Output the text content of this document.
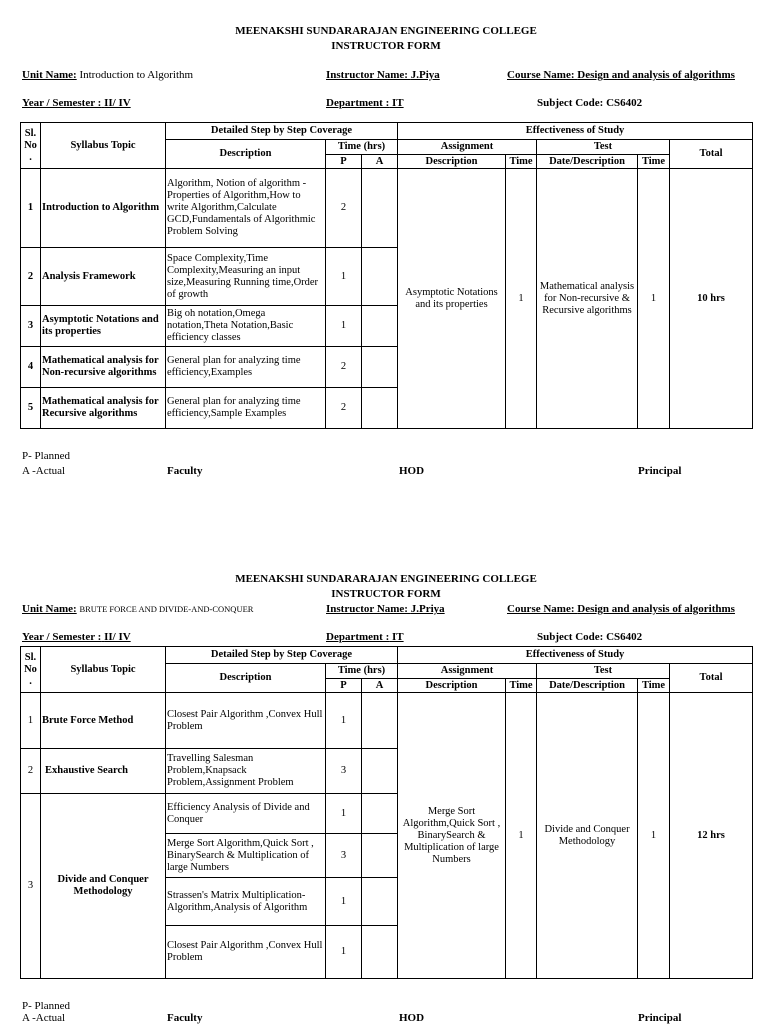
MEENAKSHI SUNDARARAJAN ENGINEERING COLLEGE
INSTRUCTOR FORM
Unit Name: Introduction to Algorithm	Instructor Name: J.Piya	Course Name: Design and analysis of algorithms
Year / Semester : II/ IV	Department : IT	Subject Code: CS6402
Sl. No .	Syllabus Topic	Detailed Step by Step Coverage			Effectiveness of Study				
		Description	Time (hrs)		Assignment		Test		Total
			P	A	Description	Time	Date/Description	Time	
1	Introduction to Algorithm	Algorithm, Notion of algorithm - Properties of Algorithm,How to write Algorithm,Calculate GCD,Fundamentals of Algorithmic Problem Solving	2		Asymptotic Notations and its properties	1	Mathematical analysis for Non-recursive & Recursive algorithms	1	10 hrs
2	Analysis Framework	Space Complexity,Time Complexity,Measuring an input size,Measuring Running time,Order of growth	1						
3	Asymptotic Notations and its properties	Big oh notation,Omega notation,Theta Notation,Basic efficiency classes	1						
4	Mathematical analysis for Non-recursive algorithms	General plan for analyzing time efficiency,Examples	2						
5	Mathematical analysis for Recursive algorithms	General plan for analyzing time efficiency,Sample Examples	2						
P- Planned
A -Actual	Faculty	HOD	Principal
MEENAKSHI SUNDARARAJAN ENGINEERING COLLEGE
INSTRUCTOR FORM
Unit Name: BRUTE FORCE AND DIVIDE-AND-CONQUER	Instructor Name: J.Priya	Course Name: Design and analysis of algorithms
Year / Semester : II/ IV	Department : IT	Subject Code: CS6402
Sl. No .	Syllabus Topic	Detailed Step by Step Coverage			Effectiveness of Study				
		Description	Time (hrs)		Assignment		Test		Total
			P	A	Description	Time	Date/Description	Time	
1	Brute Force Method	Closest Pair Algorithm ,Convex Hull Problem	1		Merge Sort Algorithm,Quick Sort , BinarySearch & Multiplication of large Numbers	1	Divide and Conquer Methodology	1	12 hrs
2	Exhaustive Search	Travelling Salesman Problem,Knapsack Problem,Assignment Problem	3						
3	Divide and Conquer Methodology	Efficiency Analysis of Divide and Conquer	1						
		Merge Sort Algorithm,Quick Sort , BinarySearch & Multiplication of large Numbers	3						
		Strassen's Matrix Multiplication-Algorithm,Analysis of Algorithm	1						
		Closest Pair Algorithm ,Convex Hull Problem	1						
P- Planned
A -Actual	Faculty	HOD	Principal
